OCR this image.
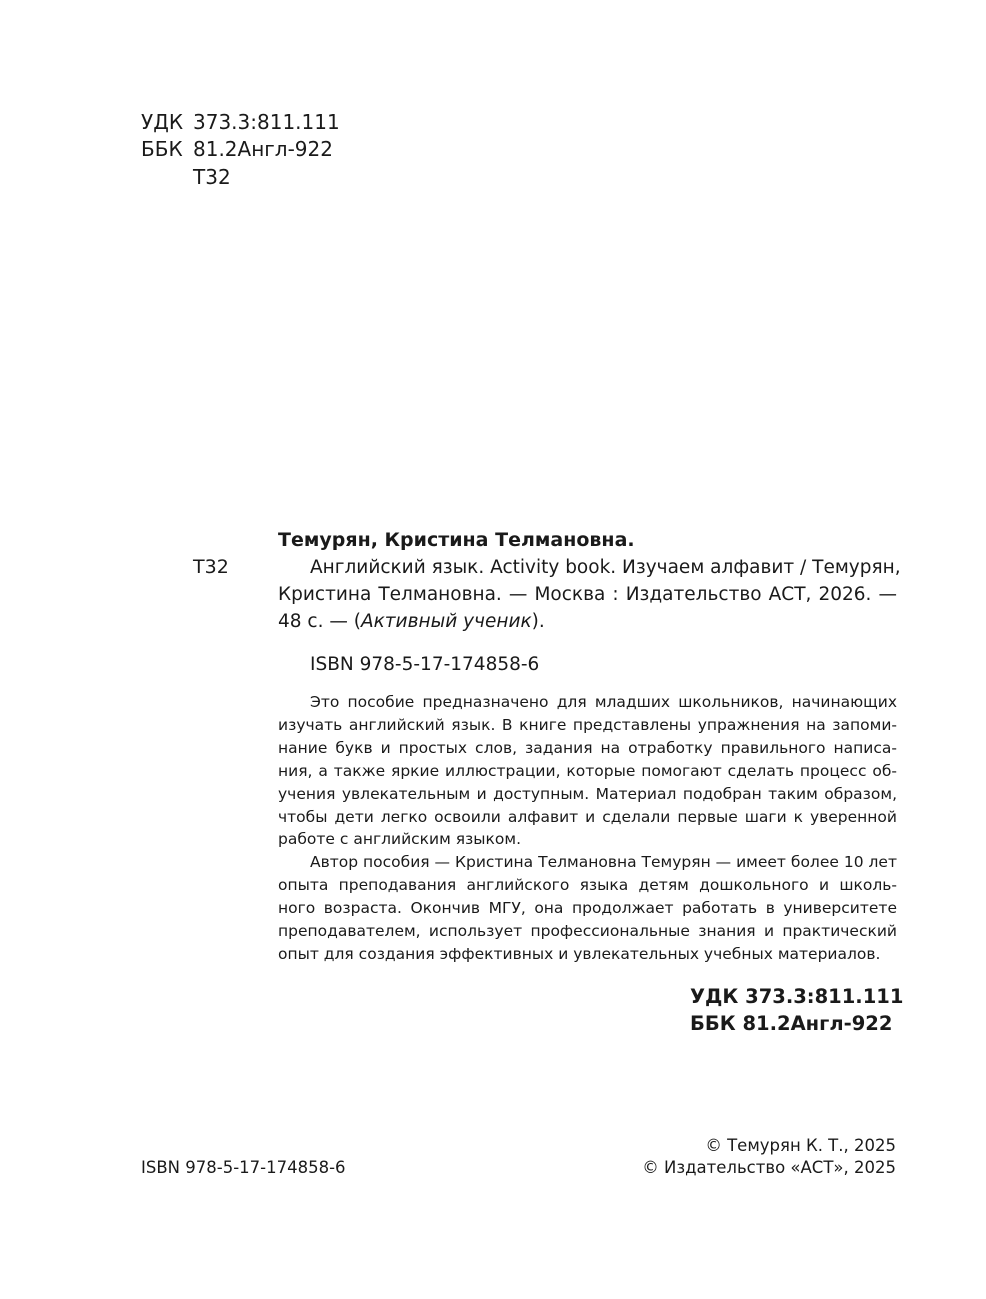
УДК 373.3:811.111
ББК 81.2Англ-922
Т32
Темурян, Кристина Телмановна.
Т32	Английский язык. Activity book. Изучаем алфавит / Темурян,
Кристина Телмановна. — Москва : Издательство АСТ, 2026. —
48 с. — (Активный ученик).
ISBN 978-5-17-174858-6
Это пособие предназначено для младших школьников, начинающих
изучать английский язык. В книге представлены упражнения на запоми-
нание букв и простых слов, задания на отработку правильного написа-
ния, а также яркие иллюстрации, которые помогают сделать процесс об-
учения увлекательным и доступным. Материал подобран таким образом,
чтобы дети легко освоили алфавит и сделали первые шаги к уверенной
работе с английским языком.
Автор пособия — Кристина Телмановна Темурян — имеет более 10 лет
опыта преподавания английского языка детям дошкольного и школь-
ного возраста. Окончив МГУ, она продолжает работать в университете
преподавателем, использует профессиональные знания и практический
опыт для создания эффективных и увлекательных учебных материалов.
УДК 373.3:811.111
ББК 81.2Англ-922
ISBN 978-5-17-174858-6
© Темурян К. Т., 2025
© Издательство «АСТ», 2025
